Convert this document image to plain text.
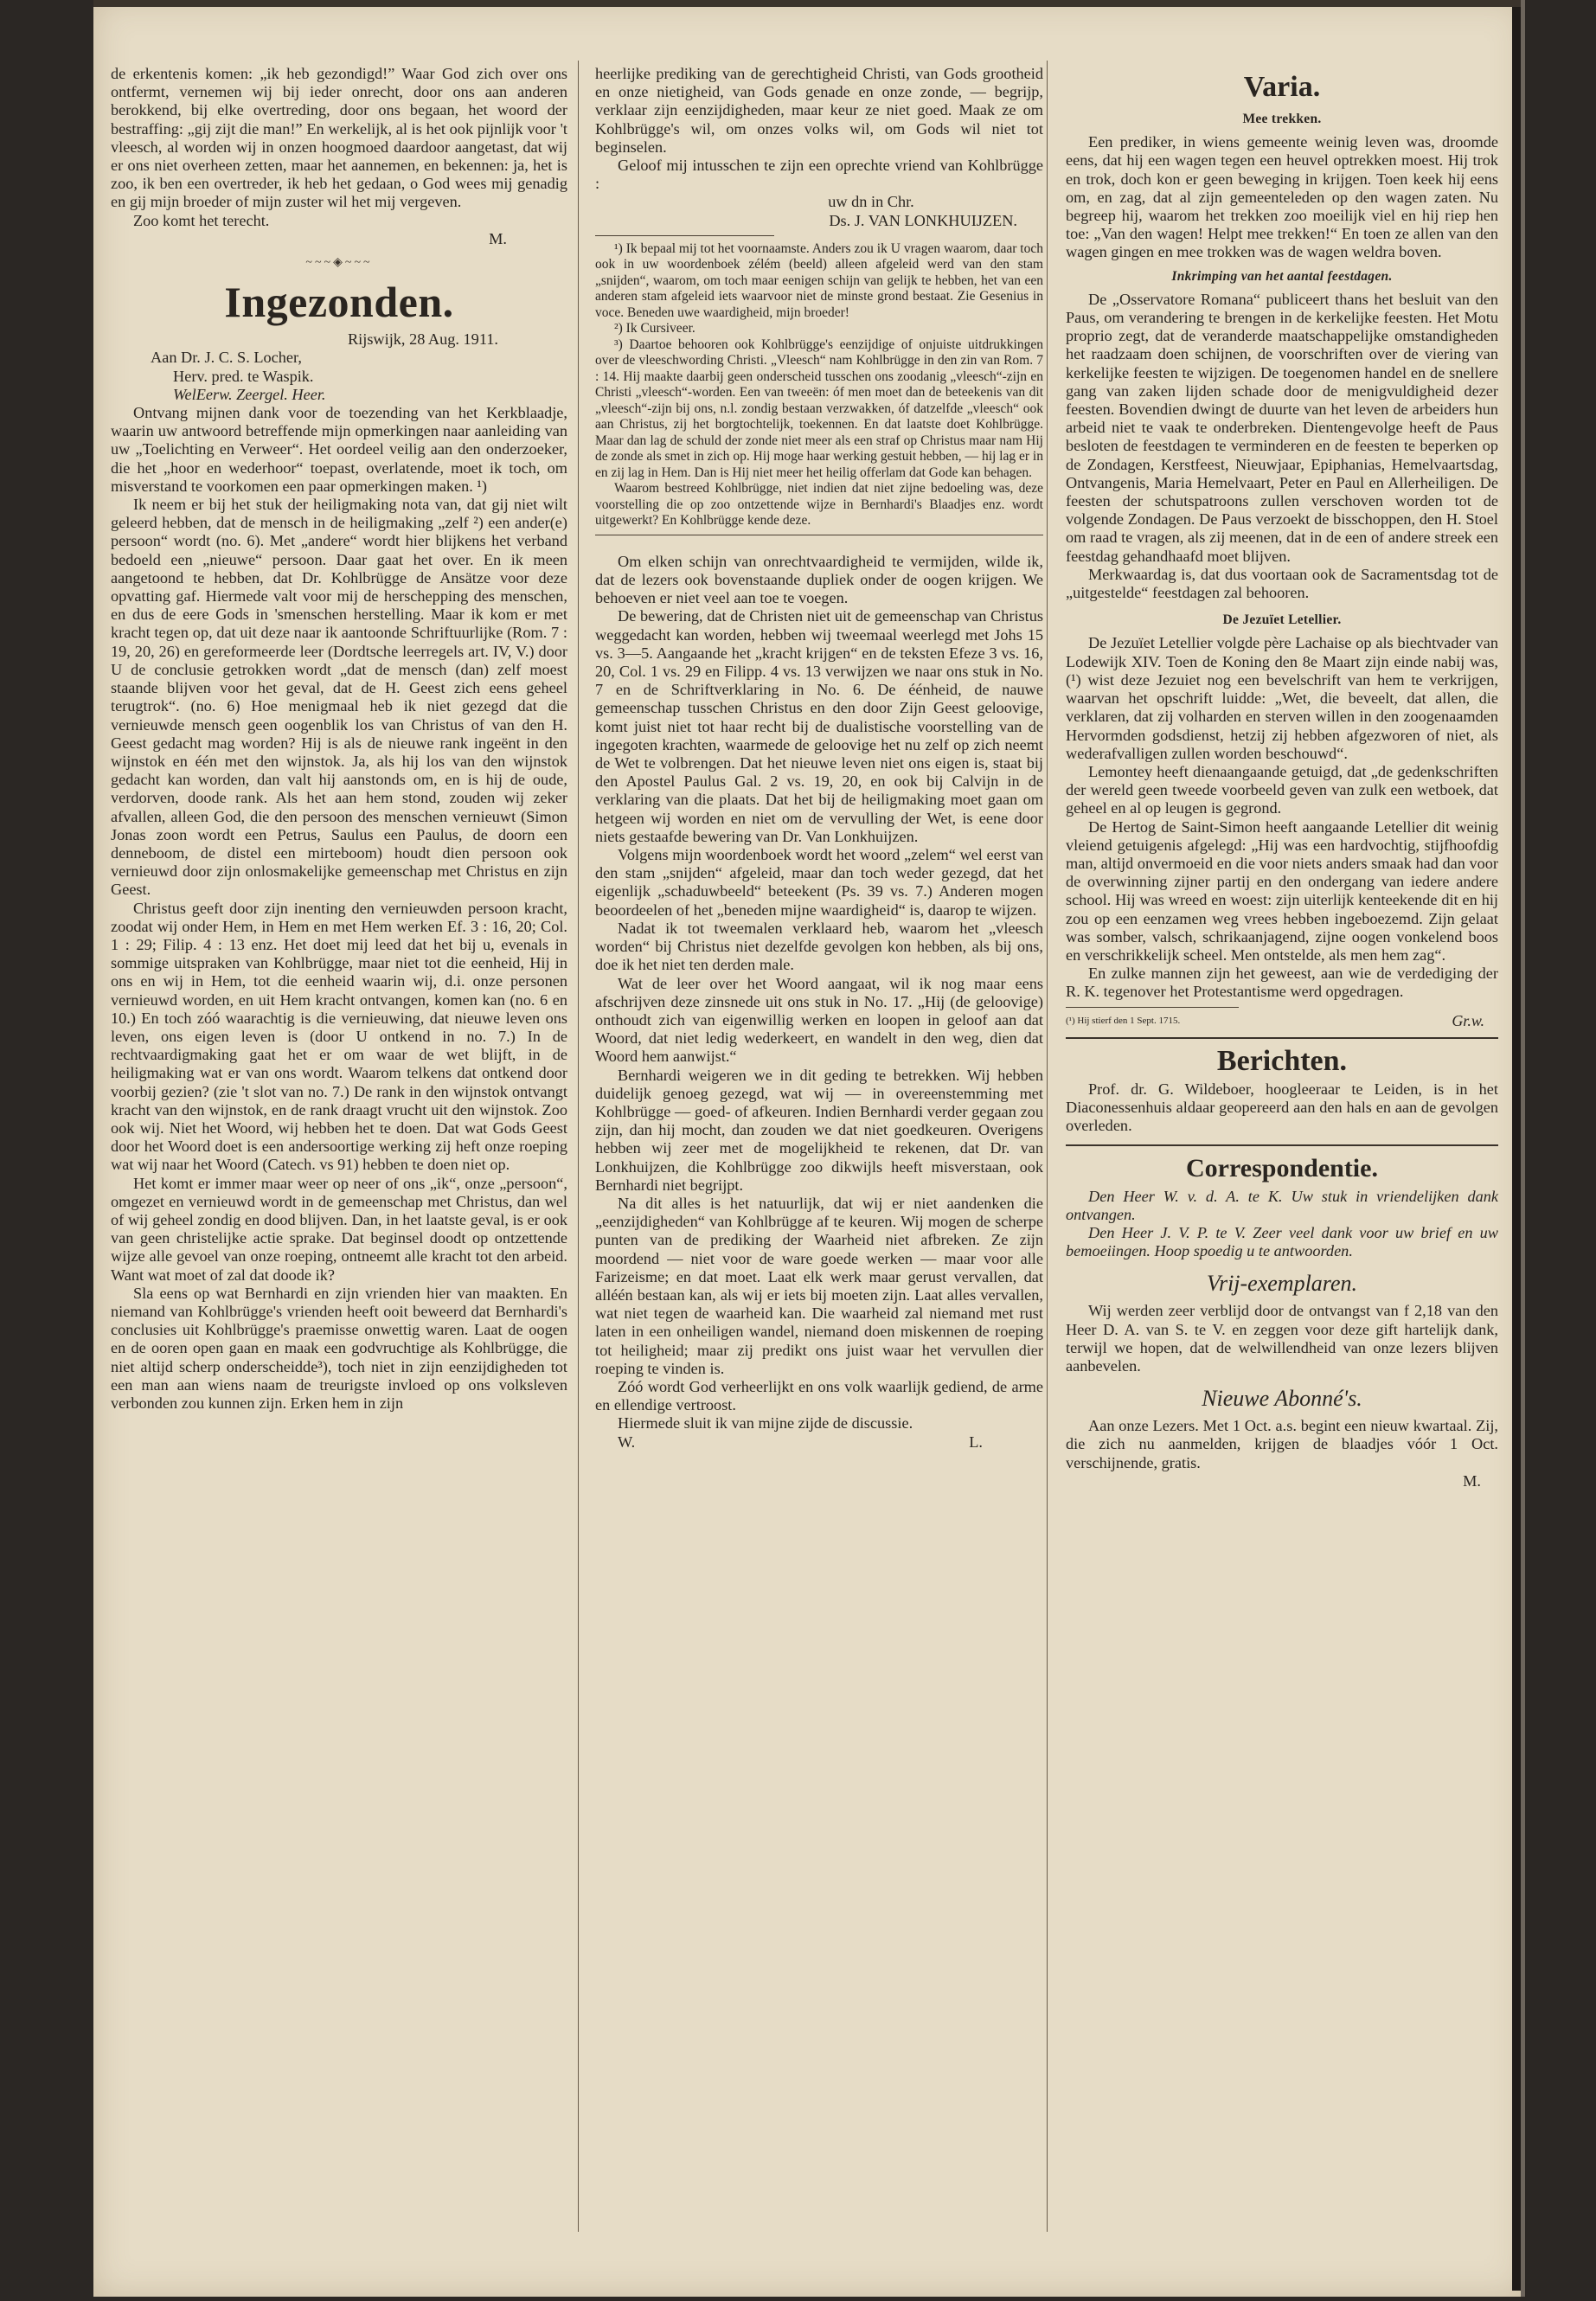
de erkentenis komen: „ik heb gezondigd!” Waar God zich over ons ontfermt, vernemen wij bij ieder onrecht, door ons aan anderen berokkend, bij elke overtreding, door ons begaan, het woord der bestraffing: „gij zijt die man!” En werkelijk, al is het ook pijnlijk voor 't vleesch, al worden wij in onzen hoogmoed daardoor aangetast, dat wij er ons niet overheen zetten, maar het aannemen, en bekennen: ja, het is zoo, ik ben een overtreder, ik heb het gedaan, o God wees mij genadig en gij mijn broeder of mijn zuster wil het mij vergeven.

Zoo komt het terecht.

M.

~~~◈~~~
Ingezonden.

Rijswijk, 28 Aug. 1911.

Aan Dr. J. C. S. Locher,

Herv. pred. te Waspik.

WelEerw. Zeergel. Heer.

Ontvang mijnen dank voor de toezending van het Kerkblaadje, waarin uw antwoord betreffende mijn opmerkingen naar aanleiding van uw „Toelichting en Verweer“. Het oordeel veilig aan den onderzoeker, die het „hoor en wederhoor“ toepast, overlatende, moet ik toch, om misverstand te voorkomen een paar opmerkingen maken. ¹)

Ik neem er bij het stuk der heiligmaking nota van, dat gij niet wilt geleerd hebben, dat de mensch in de heiligmaking „zelf ²) een ander(e) persoon“ wordt (no. 6). Met „andere“ wordt hier blijkens het verband bedoeld een „nieuwe“ persoon. Daar gaat het over. En ik meen aangetoond te hebben, dat Dr. Kohlbrügge de Ansätze voor deze opvatting gaf. Hiermede valt voor mij de herschepping des menschen, en dus de eere Gods in 'smenschen herstelling. Maar ik kom er met kracht tegen op, dat uit deze naar ik aantoonde Schriftuurlijke (Rom. 7 : 19, 20, 26) en gereformeerde leer (Dordtsche leerregels art. IV, V.) door U de conclusie getrokken wordt „dat de mensch (dan) zelf moest staande blijven voor het geval, dat de H. Geest zich eens geheel terugtrok“. (no. 6) Hoe menigmaal heb ik niet gezegd dat die vernieuwde mensch geen oogenblik los van Christus of van den H. Geest gedacht mag worden? Hij is als de nieuwe rank ingeënt in den wijnstok en één met den wijnstok. Ja, als hij los van den wijnstok gedacht kan worden, dan valt hij aanstonds om, en is hij de oude, verdorven, doode rank. Als het aan hem stond, zouden wij zeker afvallen, alleen God, die den persoon des menschen vernieuwt (Simon Jonas zoon wordt een Petrus, Saulus een Paulus, de doorn een denneboom, de distel een mirteboom) houdt dien persoon ook vernieuwd door zijn onlosmakelijke gemeenschap met Christus en zijn Geest.

Christus geeft door zijn inenting den vernieuwden persoon kracht, zoodat wij onder Hem, in Hem en met Hem werken Ef. 3 : 16, 20; Col. 1 : 29; Filip. 4 : 13 enz. Het doet mij leed dat het bij u, evenals in sommige uitspraken van Kohlbrügge, maar niet tot die eenheid, Hij in ons en wij in Hem, tot die eenheid waarin wij, d.i. onze personen vernieuwd worden, en uit Hem kracht ontvangen, komen kan (no. 6 en 10.) En toch zóó waarachtig is die vernieuwing, dat nieuwe leven ons leven, ons eigen leven is (door U ontkend in no. 7.) In de rechtvaardigmaking gaat het er om waar de wet blijft, in de heiligmaking wat er van ons wordt. Waarom telkens dat ontkend door voorbij gezien? (zie 't slot van no. 7.) De rank in den wijnstok ontvangt kracht van den wijnstok, en de rank draagt vrucht uit den wijnstok. Zoo ook wij. Niet het Woord, wij hebben het te doen. Dat wat Gods Geest door het Woord doet is een andersoortige werking zij heft onze roeping wat wij naar het Woord (Catech. vs 91) hebben te doen niet op.

Het komt er immer maar weer op neer of ons „ik“, onze „persoon“, omgezet en vernieuwd wordt in de gemeenschap met Christus, dan wel of wij geheel zondig en dood blijven. Dan, in het laatste geval, is er ook van geen christelijke actie sprake. Dat beginsel doodt op ontzettende wijze alle gevoel van onze roeping, ontneemt alle kracht tot den arbeid. Want wat moet of zal dat doode ik?

Sla eens op wat Bernhardi en zijn vrienden hier van maakten. En niemand van Kohlbrügge's vrienden heeft ooit beweerd dat Bernhardi's conclusies uit Kohlbrügge's praemisse onwettig waren. Laat de oogen en de ooren open gaan en maak een godvruchtige als Kohlbrügge, die niet altijd scherp onderscheidde³), toch niet in zijn eenzijdigheden tot een man aan wiens naam de treurigste invloed op ons volksleven verbonden zou kunnen zijn. Erken hem in zijn

heerlijke prediking van de gerechtigheid Christi, van Gods grootheid en onze nietigheid, van Gods genade en onze zonde, — begrijp, verklaar zijn eenzijdigheden, maar keur ze niet goed. Maak ze om Kohlbrügge's wil, om onzes volks wil, om Gods wil niet tot beginselen.

Geloof mij intusschen te zijn een oprechte vriend van Kohlbrügge :

uw dn in Chr.

Ds. J. VAN LONKHUIJZEN.

¹) Ik bepaal mij tot het voornaamste. Anders zou ik U vragen waarom, daar toch ook in uw woordenboek zélém (beeld) alleen afgeleid werd van den stam „snijden“, waarom, om toch maar eenigen schijn van gelijk te hebben, het van een anderen stam afgeleid iets waarvoor niet de minste grond bestaat. Zie Gesenius in voce. Beneden uwe waardigheid, mijn broeder!

²) Ik Cursiveer.

³) Daartoe behooren ook Kohlbrügge's eenzijdige of onjuiste uitdrukkingen over de vleeschwording Christi. „Vleesch“ nam Kohlbrügge in den zin van Rom. 7 : 14. Hij maakte daarbij geen onderscheid tusschen ons zoodanig „vleesch“-zijn en Christi „vleesch“-worden. Een van tweeën: óf men moet dan de beteekenis van dit „vleesch“-zijn bij ons, n.l. zondig bestaan verzwakken, óf datzelfde „vleesch“ ook aan Christus, zij het borgtochtelijk, toekennen. En dat laatste doet Kohlbrügge. Maar dan lag de schuld der zonde niet meer als een straf op Christus maar nam Hij de zonde als smet in zich op. Hij moge haar werking gestuit hebben, — hij lag er in en zij lag in Hem. Dan is Hij niet meer het heilig offerlam dat Gode kan behagen.

Waarom bestreed Kohlbrügge, niet indien dat niet zijne bedoeling was, deze voorstelling die op zoo ontzettende wijze in Bernhardi's Blaadjes enz. wordt uitgewerkt? En Kohlbrügge kende deze.

Om elken schijn van onrechtvaardigheid te vermijden, wilde ik, dat de lezers ook bovenstaande dupliek onder de oogen krijgen. We behoeven er niet veel aan toe te voegen.

De bewering, dat de Christen niet uit de gemeenschap van Christus weggedacht kan worden, hebben wij tweemaal weerlegd met Johs 15 vs. 3—5. Aangaande het „kracht krijgen“ en de teksten Efeze 3 vs. 16, 20, Col. 1 vs. 29 en Filipp. 4 vs. 13 verwijzen we naar ons stuk in No. 7 en de Schriftverklaring in No. 6. De éénheid, de nauwe gemeenschap tusschen Christus en den door Zijn Geest geloovige, komt juist niet tot haar recht bij de dualistische voorstelling van de ingegoten krachten, waarmede de geloovige het nu zelf op zich neemt de Wet te volbrengen. Dat het nieuwe leven niet ons eigen is, staat bij den Apostel Paulus Gal. 2 vs. 19, 20, en ook bij Calvijn in de verklaring van die plaats. Dat het bij de heiligmaking moet gaan om hetgeen wij worden en niet om de vervulling der Wet, is eene door niets gestaafde bewering van Dr. Van Lonkhuijzen.

Volgens mijn woordenboek wordt het woord „zelem“ wel eerst van den stam „snijden“ afgeleid, maar dan toch weder gezegd, dat het eigenlijk „schaduwbeeld“ beteekent (Ps. 39 vs. 7.) Anderen mogen beoordeelen of het „beneden mijne waardigheid“ is, daarop te wijzen.

Nadat ik tot tweemalen verklaard heb, waarom het „vleesch worden“ bij Christus niet dezelfde gevolgen kon hebben, als bij ons, doe ik het niet ten derden male.

Wat de leer over het Woord aangaat, wil ik nog maar eens afschrijven deze zinsnede uit ons stuk in No. 17. „Hij (de geloovige) onthoudt zich van eigenwillig werken en loopen in geloof aan dat Woord, dat niet ledig wederkeert, en wandelt in den weg, dien dat Woord hem aanwijst.“

Bernhardi weigeren we in dit geding te betrekken. Wij hebben duidelijk genoeg gezegd, wat wij — in overeenstemming met Kohlbrügge — goed- of afkeuren. Indien Bernhardi verder gegaan zou zijn, dan hij mocht, dan zouden we dat niet goedkeuren. Overigens hebben wij zeer met de mogelijkheid te rekenen, dat Dr. van Lonkhuijzen, die Kohlbrügge zoo dikwijls heeft misverstaan, ook Bernhardi niet begrijpt.

Na dit alles is het natuurlijk, dat wij er niet aandenken die „eenzijdigheden“ van Kohlbrügge af te keuren. Wij mogen de scherpe punten van de prediking der Waarheid niet afbreken. Ze zijn moordend — niet voor de ware goede werken — maar voor alle Farizeisme; en dat moet. Laat elk werk maar gerust vervallen, dat alléén bestaan kan, als wij er iets bij moeten zijn. Laat alles vervallen, wat niet tegen de waarheid kan. Die waarheid zal niemand met rust laten in een onheiligen wandel, niemand doen miskennen de roeping tot heiligheid; maar zij predikt ons juist waar het vervullen dier roeping te vinden is.

Zóó wordt God verheerlijkt en ons volk waarlijk gediend, de arme en ellendige vertroost.

Hiermede sluit ik van mijne zijde de discussie.

W.	L.
Varia.
Mee trekken.

Een prediker, in wiens gemeente weinig leven was, droomde eens, dat hij een wagen tegen een heuvel optrekken moest. Hij trok en trok, doch kon er geen beweging in krijgen. Toen keek hij eens om, en zag, dat al zijn gemeenteleden op den wagen zaten. Nu begreep hij, waarom het trekken zoo moeilijk viel en hij riep hen toe: „Van den wagen! Helpt mee trekken!“ En toen ze allen van den wagen gingen en mee trokken was de wagen weldra boven.

Inkrimping van het aantal feestdagen.

De „Osservatore Romana“ publiceert thans het besluit van den Paus, om verandering te brengen in de kerkelijke feesten. Het Motu proprio zegt, dat de veranderde maatschappelijke omstandigheden het raadzaam doen schijnen, de voorschriften over de viering van kerkelijke feesten te wijzigen. De toegenomen handel en de snellere gang van zaken lijden schade door de menigvuldigheid dezer feesten. Bovendien dwingt de duurte van het leven de arbeiders hun arbeid niet te vaak te onderbreken. Dientengevolge heeft de Paus besloten de feestdagen te verminderen en de feesten te beperken op de Zondagen, Kerstfeest, Nieuwjaar, Epiphanias, Hemelvaartsdag, Ontvangenis, Maria Hemelvaart, Peter en Paul en Allerheiligen. De feesten der schutspatroons zullen verschoven worden tot de volgende Zondagen. De Paus verzoekt de bisschoppen, den H. Stoel om raad te vragen, als zij meenen, dat in de een of andere streek een feestdag gehandhaafd moet blijven.

Merkwaardag is, dat dus voortaan ook de Sacramentsdag tot de „uitgestelde“ feestdagen zal behooren.

De Jezuïet Letellier.

De Jezuïet Letellier volgde père Lachaise op als biechtvader van Lodewijk XIV. Toen de Koning den 8e Maart zijn einde nabij was,(¹) wist deze Jezuiet nog een bevelschrift van hem te verkrijgen, waarvan het opschrift luidde: „Wet, die beveelt, dat allen, die verklaren, dat zij volharden en sterven willen in den zoogenaamden Hervormden godsdienst, hetzij zij hebben afgezworen of niet, als wederafvalligen zullen worden beschouwd“.

Lemontey heeft dienaangaande getuigd, dat „de gedenkschriften der wereld geen tweede voorbeeld geven van zulk een wetboek, dat geheel en al op leugen is gegrond.

De Hertog de Saint-Simon heeft aangaande Letellier dit weinig vleiend getuigenis afgelegd: „Hij was een hardvochtig, stijfhoofdig man, altijd onvermoeid en die voor niets anders smaak had dan voor de overwinning zijner partij en den ondergang van iedere andere school. Hij was wreed en woest: zijn uiterlijk kenteekende dit en hij zou op een eenzamen weg vrees hebben ingeboezemd. Zijn gelaat was somber, valsch, schrikaanjagend, zijne oogen vonkelend boos en verschrikkelijk scheel. Men ontstelde, als men hem zag“.

En zulke mannen zijn het geweest, aan wie de verdediging der R. K. tegenover het Protestantisme werd opgedragen.

(¹) Hij stierf den 1 Sept. 1715.	Gr.w.
Berichten.

Prof. dr. G. Wildeboer, hoogleeraar te Leiden, is in het Diaconessenhuis aldaar geopereerd aan den hals en aan de gevolgen overleden.

Correspondentie.

Den Heer W. v. d. A. te K. Uw stuk in vriendelijken dank ontvangen.

Den Heer J. V. P. te V. Zeer veel dank voor uw brief en uw bemoeiingen. Hoop spoedig u te antwoorden.

Vrij-exemplaren.

Wij werden zeer verblijd door de ontvangst van f 2,18 van den Heer D. A. van S. te V. en zeggen voor deze gift hartelijk dank, terwijl we hopen, dat de welwillendheid van onze lezers blijven aanbevelen.

Nieuwe Abonné's.

Aan onze Lezers. Met 1 Oct. a.s. begint een nieuw kwartaal. Zij, die zich nu aanmelden, krijgen de blaadjes vóór 1 Oct. verschijnende, gratis.

M.
